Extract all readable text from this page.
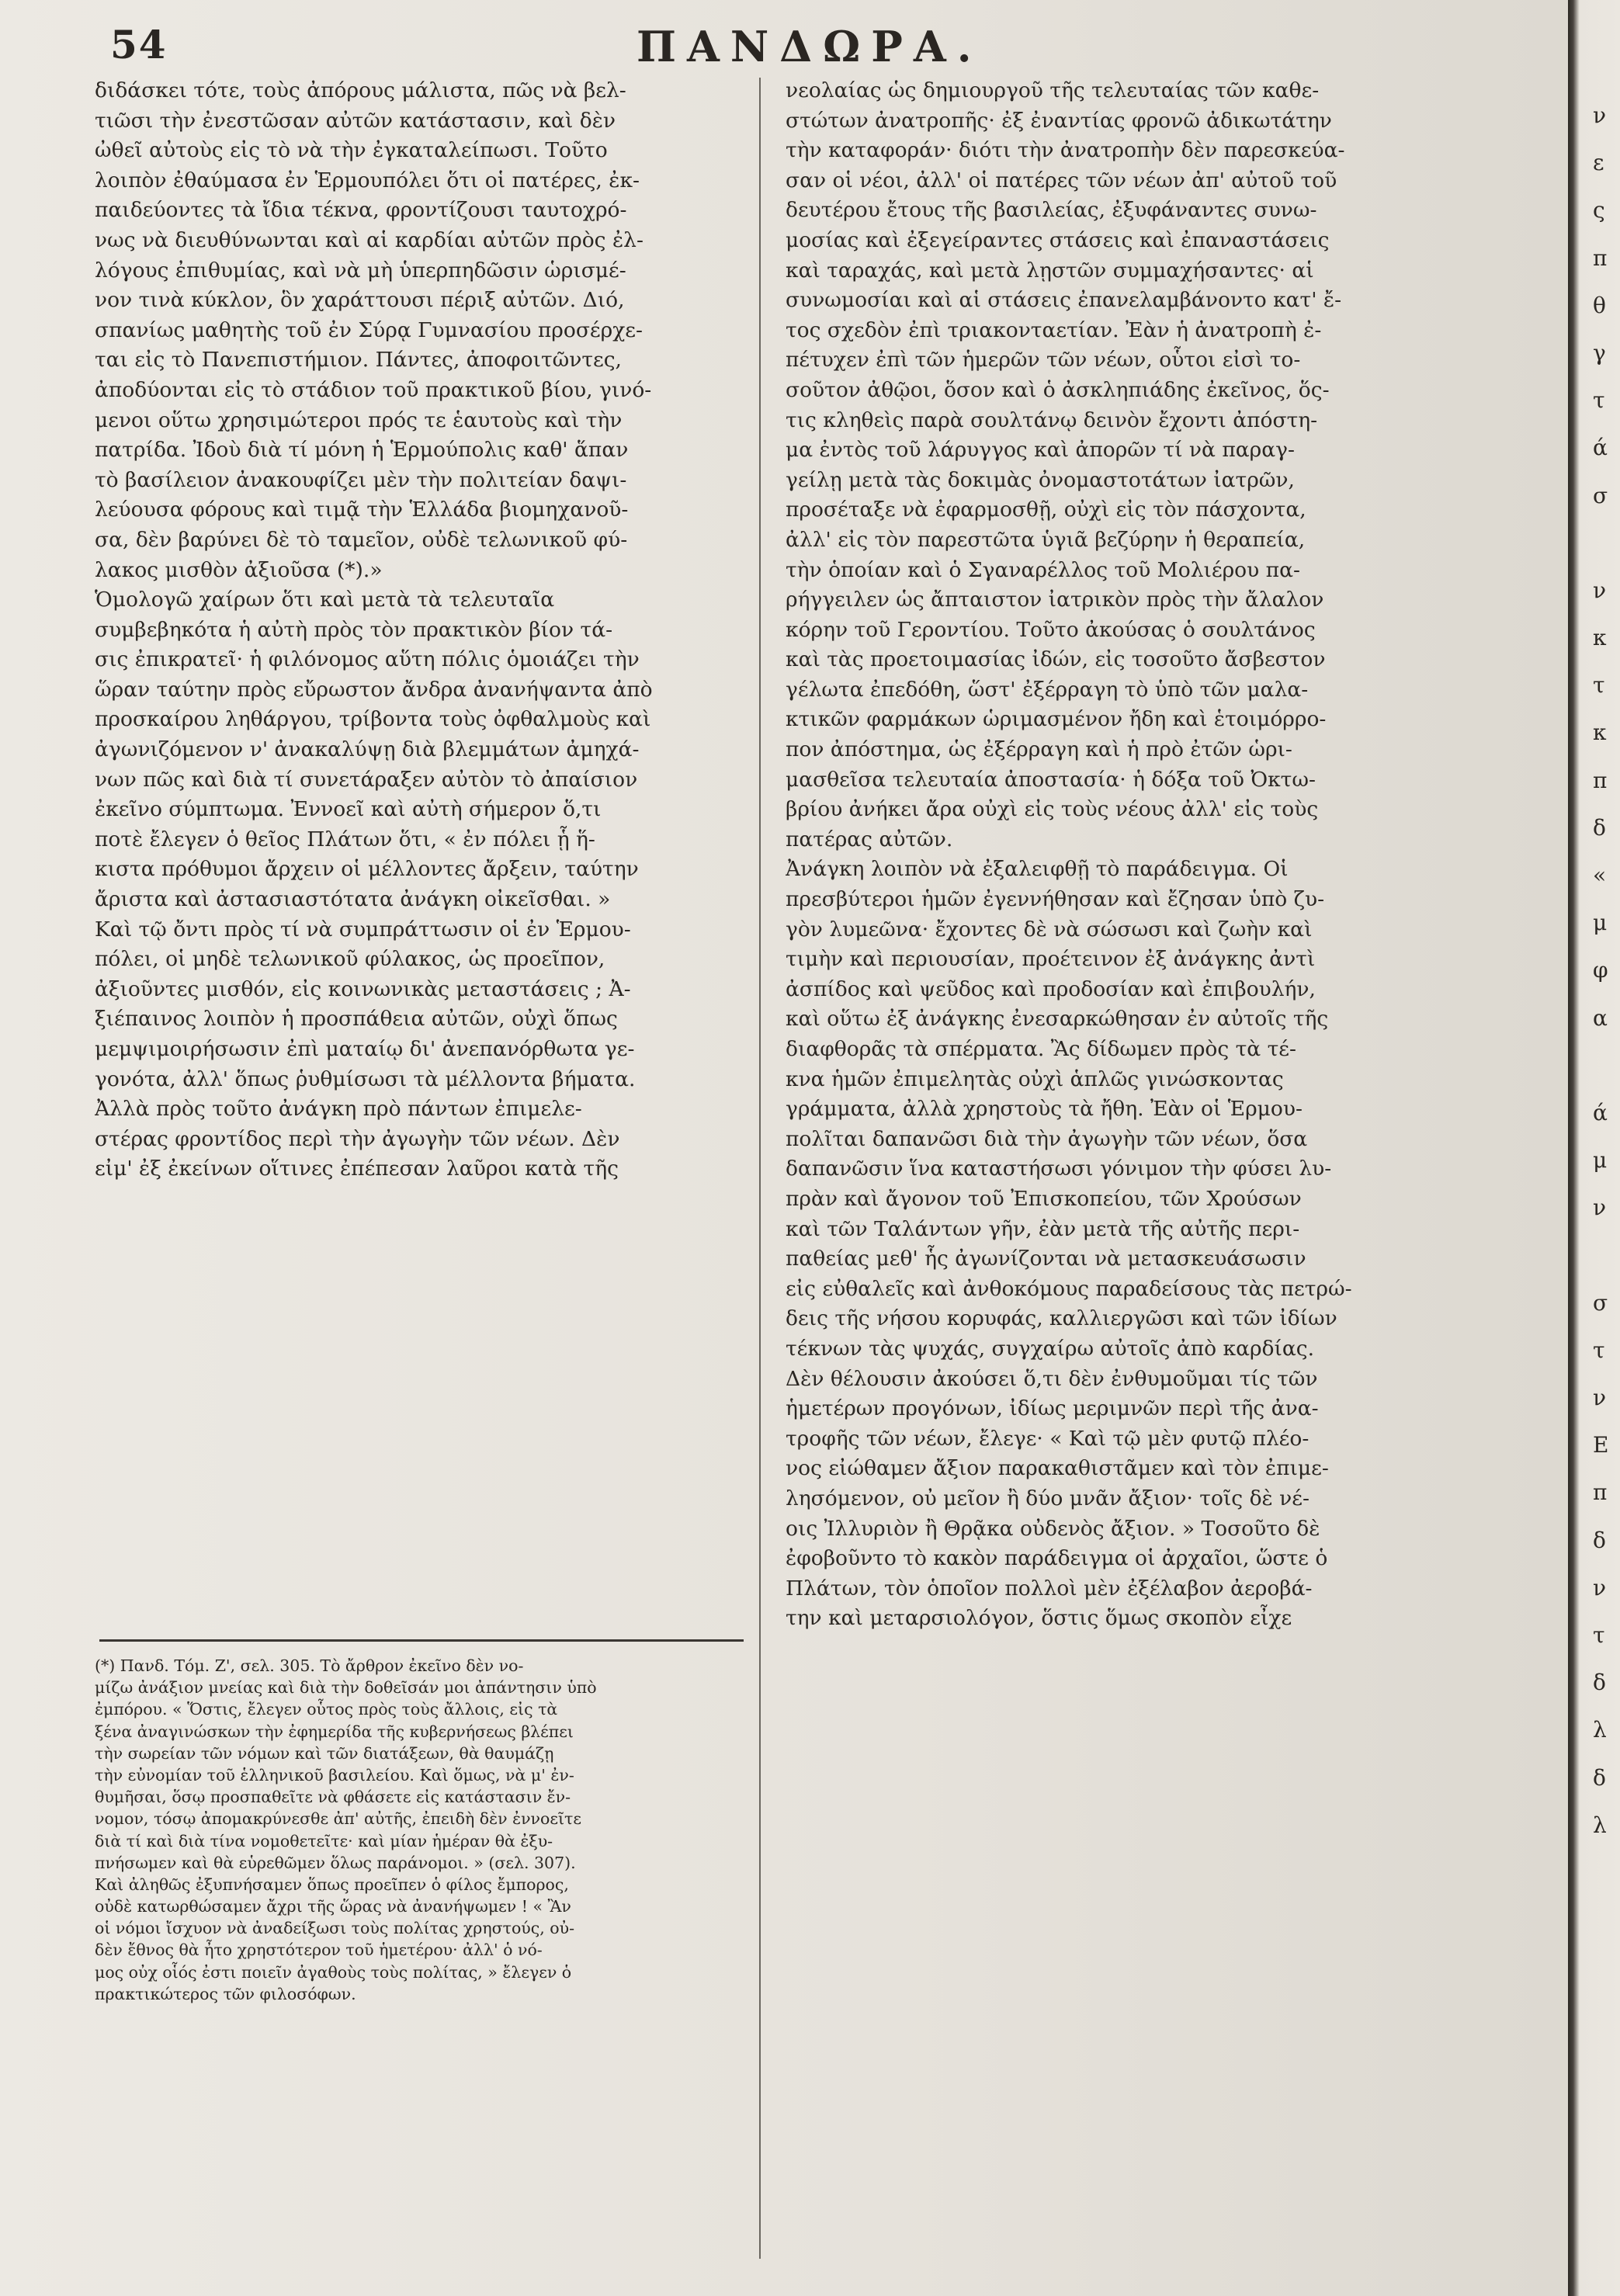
54	ΠΑΝΔΩΡΑ.
διδάσκει τότε, τοὺς ἀπόρους μάλιστα, πῶς νὰ βελ-
τιῶσι τὴν ἐνεστῶσαν αὐτῶν κατάστασιν, καὶ δὲν
ὠθεῖ αὐτοὺς εἰς τὸ νὰ τὴν ἐγκαταλείπωσι. Τοῦτο
λοιπὸν ἐθαύμασα ἐν Ἑρμουπόλει ὅτι οἱ πατέρες, ἐκ-
παιδεύοντες τὰ ἴδια τέκνα, φροντίζουσι ταυτοχρό-
νως νὰ διευθύνωνται καὶ αἱ καρδίαι αὐτῶν πρὸς ἐλ-
λόγους ἐπιθυμίας, καὶ νὰ μὴ ὑπερπηδῶσιν ὡρισμέ-
νον τινὰ κύκλον, ὃν χαράττουσι πέριξ αὐτῶν. Διό,
σπανίως μαθητὴς τοῦ ἐν Σύρᾳ Γυμνασίου προσέρχε-
ται εἰς τὸ Πανεπιστήμιον. Πάντες, ἀποφοιτῶντες,
ἀποδύονται εἰς τὸ στάδιον τοῦ πρακτικοῦ βίου, γινό-
μενοι οὕτω χρησιμώτεροι πρός τε ἑαυτοὺς καὶ τὴν
πατρίδα. Ἰδοὺ διὰ τί μόνη ἡ Ἑρμούπολις καθ' ἅπαν
τὸ βασίλειον ἀνακουφίζει μὲν τὴν πολιτείαν δαψι-
λεύουσα φόρους καὶ τιμᾷ τὴν Ἑλλάδα βιομηχανοῦ-
σα, δὲν βαρύνει δὲ τὸ ταμεῖον, οὐδὲ τελωνικοῦ φύ-
λακος μισθὸν ἀξιοῦσα (*).»
Ὁμολογῶ χαίρων ὅτι καὶ μετὰ τὰ τελευταῖα
συμβεβηκότα ἡ αὐτὴ πρὸς τὸν πρακτικὸν βίον τά-
σις ἐπικρατεῖ· ἡ φιλόνομος αὕτη πόλις ὁμοιάζει τὴν
ὥραν ταύτην πρὸς εὔρωστον ἄνδρα ἀνανήψαντα ἀπὸ
προσκαίρου ληθάργου, τρίβοντα τοὺς ὀφθαλμοὺς καὶ
ἀγωνιζόμενον ν' ἀνακαλύψῃ διὰ βλεμμάτων ἀμηχά-
νων πῶς καὶ διὰ τί συνετάραξεν αὐτὸν τὸ ἀπαίσιον
ἐκεῖνο σύμπτωμα. Ἐννοεῖ καὶ αὐτὴ σήμερον ὅ,τι
ποτὲ ἔλεγεν ὁ θεῖος Πλάτων ὅτι, « ἐν πόλει ᾗ ἥ-
κιστα πρόθυμοι ἄρχειν οἱ μέλλοντες ἄρξειν, ταύτην
ἄριστα καὶ ἀστασιαστότατα ἀνάγκη οἰκεῖσθαι. »
Καὶ τῷ ὄντι πρὸς τί νὰ συμπράττωσιν οἱ ἐν Ἑρμου-
πόλει, οἱ μηδὲ τελωνικοῦ φύλακος, ὡς προεῖπον,
ἀξιοῦντες μισθόν, εἰς κοινωνικὰς μεταστάσεις ; Ἀ-
ξιέπαινος λοιπὸν ἡ προσπάθεια αὐτῶν, οὐχὶ ὅπως
μεμψιμοιρήσωσιν ἐπὶ ματαίῳ δι' ἀνεπανόρθωτα γε-
γονότα, ἀλλ' ὅπως ῥυθμίσωσι τὰ μέλλοντα βήματα.
Ἀλλὰ πρὸς τοῦτο ἀνάγκη πρὸ πάντων ἐπιμελε-
στέρας φροντίδος περὶ τὴν ἀγωγὴν τῶν νέων. Δὲν
εἰμ' ἐξ ἐκείνων οἵτινες ἐπέπεσαν λαῦροι κατὰ τῆς
νεολαίας ὡς δημιουργοῦ τῆς τελευταίας τῶν καθε-
στώτων ἀνατροπῆς· ἐξ ἐναντίας φρονῶ ἀδικωτάτην
τὴν καταφοράν· διότι τὴν ἀνατροπὴν δὲν παρεσκεύα-
σαν οἱ νέοι, ἀλλ' οἱ πατέρες τῶν νέων ἀπ' αὐτοῦ τοῦ
δευτέρου ἔτους τῆς βασιλείας, ἐξυφάναντες συνω-
μοσίας καὶ ἐξεγείραντες στάσεις καὶ ἐπαναστάσεις
καὶ ταραχάς, καὶ μετὰ λῃστῶν συμμαχήσαντες· αἱ
συνωμοσίαι καὶ αἱ στάσεις ἐπανελαμβάνοντο κατ' ἔ-
τος σχεδὸν ἐπὶ τριακονταετίαν. Ἐὰν ἡ ἀνατροπὴ ἐ-
πέτυχεν ἐπὶ τῶν ἡμερῶν τῶν νέων, οὗτοι εἰσὶ το-
σοῦτον ἀθῷοι, ὅσον καὶ ὁ ἀσκληπιάδης ἐκεῖνος, ὅς-
τις κληθεὶς παρὰ σουλτάνῳ δεινὸν ἔχοντι ἀπόστη-
μα ἐντὸς τοῦ λάρυγγος καὶ ἀπορῶν τί νὰ παραγ-
γείλῃ μετὰ τὰς δοκιμὰς ὀνομαστοτάτων ἰατρῶν,
προσέταξε νὰ ἐφαρμοσθῇ, οὐχὶ εἰς τὸν πάσχοντα,
ἀλλ' εἰς τὸν παρεστῶτα ὑγιᾶ βεζύρην ἡ θεραπεία,
τὴν ὁποίαν καὶ ὁ Σγαναρέλλος τοῦ Μολιέρου πα-
ρήγγειλεν ὡς ἄπταιστον ἰατρικὸν πρὸς τὴν ἄλαλον
κόρην τοῦ Γεροντίου. Τοῦτο ἀκούσας ὁ σουλτάνος
καὶ τὰς προετοιμασίας ἰδών, εἰς τοσοῦτο ἄσβεστον
γέλωτα ἐπεδόθη, ὥστ' ἐξέρραγη τὸ ὑπὸ τῶν μαλα-
κτικῶν φαρμάκων ὡριμασμένον ἤδη καὶ ἑτοιμόρρο-
πον ἀπόστημα, ὡς ἐξέρραγη καὶ ἡ πρὸ ἐτῶν ὡρι-
μασθεῖσα τελευταία ἀποστασία· ἡ δόξα τοῦ Ὀκτω-
βρίου ἀνήκει ἄρα οὐχὶ εἰς τοὺς νέους ἀλλ' εἰς τοὺς
πατέρας αὐτῶν.
Ἀνάγκη λοιπὸν νὰ ἐξαλειφθῇ τὸ παράδειγμα. Οἱ
πρεσβύτεροι ἡμῶν ἐγεννήθησαν καὶ ἔζησαν ὑπὸ ζυ-
γὸν λυμεῶνα· ἔχοντες δὲ νὰ σώσωσι καὶ ζωὴν καὶ
τιμὴν καὶ περιουσίαν, προέτεινον ἐξ ἀνάγκης ἀντὶ
ἀσπίδος καὶ ψεῦδος καὶ προδοσίαν καὶ ἐπιβουλήν,
καὶ οὕτω ἐξ ἀνάγκης ἐνεσαρκώθησαν ἐν αὐτοῖς τῆς
διαφθορᾶς τὰ σπέρματα. Ἂς δίδωμεν πρὸς τὰ τέ-
κνα ἡμῶν ἐπιμελητὰς οὐχὶ ἁπλῶς γινώσκοντας
γράμματα, ἀλλὰ χρηστοὺς τὰ ἤθη. Ἐὰν οἱ Ἑρμου-
πολῖται δαπανῶσι διὰ τὴν ἀγωγὴν τῶν νέων, ὅσα
δαπανῶσιν ἵνα καταστήσωσι γόνιμον τὴν φύσει λυ-
πρὰν καὶ ἄγονον τοῦ Ἐπισκοπείου, τῶν Χρούσων
καὶ τῶν Ταλάντων γῆν, ἐὰν μετὰ τῆς αὐτῆς περι-
παθείας μεθ' ἧς ἀγωνίζονται νὰ μετασκευάσωσιν
εἰς εὐθαλεῖς καὶ ἀνθοκόμους παραδείσους τὰς πετρώ-
δεις τῆς νήσου κορυφάς, καλλιεργῶσι καὶ τῶν ἰδίων
τέκνων τὰς ψυχάς, συγχαίρω αὐτοῖς ἀπὸ καρδίας.
Δὲν θέλουσιν ἀκούσει ὅ,τι δὲν ἐνθυμοῦμαι τίς τῶν
ἡμετέρων προγόνων, ἰδίως μεριμνῶν περὶ τῆς ἀνα-
τροφῆς τῶν νέων, ἔλεγε· « Καὶ τῷ μὲν φυτῷ πλέο-
νος εἰώθαμεν ἄξιον παρακαθιστᾶμεν καὶ τὸν ἐπιμε-
λησόμενον, οὐ μεῖον ἢ δύο μνᾶν ἄξιον· τοῖς δὲ νέ-
οις Ἰλλυριὸν ἢ Θρᾷκα οὐδενὸς ἄξιον. » Τοσοῦτο δὲ
ἐφοβοῦντο τὸ κακὸν παράδειγμα οἱ ἀρχαῖοι, ὥστε ὁ
Πλάτων, τὸν ὁποῖον πολλοὶ μὲν ἐξέλαβον ἀεροβά-
την καὶ μεταρσιολόγον, ὅστις ὅμως σκοπὸν εἶχε
(*) Πανδ. Τόμ. Ζ', σελ. 305. Τὸ ἄρθρον ἐκεῖνο δὲν νο-
μίζω ἀνάξιον μνείας καὶ διὰ τὴν δοθεῖσάν μοι ἀπάντησιν ὑπὸ
ἐμπόρου. « Ὅστις, ἔλεγεν οὗτος πρὸς τοὺς ἄλλοις, εἰς τὰ
ξένα ἀναγινώσκων τὴν ἐφημερίδα τῆς κυβερνήσεως βλέπει
τὴν σωρείαν τῶν νόμων καὶ τῶν διατάξεων, θὰ θαυμάζῃ
τὴν εὐνομίαν τοῦ ἑλληνικοῦ βασιλείου. Καὶ ὅμως, νὰ μ' ἐν-
θυμῆσαι, ὅσῳ προσπαθεῖτε νὰ φθάσετε εἰς κατάστασιν ἔν-
νομον, τόσῳ ἀπομακρύνεσθε ἀπ' αὐτῆς, ἐπειδὴ δὲν ἐννοεῖτε
διὰ τί καὶ διὰ τίνα νομοθετεῖτε· καὶ μίαν ἡμέραν θὰ ἐξυ-
πνήσωμεν καὶ θὰ εὑρεθῶμεν ὅλως παράνομοι. » (σελ. 307).
Καὶ ἀληθῶς ἐξυπνήσαμεν ὅπως προεῖπεν ὁ φίλος ἔμπορος,
οὐδὲ κατωρθώσαμεν ἄχρι τῆς ὥρας νὰ ἀνανήψωμεν ! « Ἂν
οἱ νόμοι ἴσχυον νὰ ἀναδείξωσι τοὺς πολίτας χρηστούς, οὐ-
δὲν ἔθνος θὰ ἦτο χρηστότερον τοῦ ἡμετέρου· ἀλλ' ὁ νό-
μος οὐχ οἷός ἐστι ποιεῖν ἀγαθοὺς τοὺς πολίτας, » ἔλεγεν ὁ
πρακτικώτερος τῶν φιλοσόφων.
ν
ε
ς
π
θ
γ
τ
ά
σ
ν
κ
τ
κ
π
δ
«
μ
φ
α
ά
μ
ν
σ
τ
ν
Ε
π
δ
ν
τ
δ
λ
δ
λ
